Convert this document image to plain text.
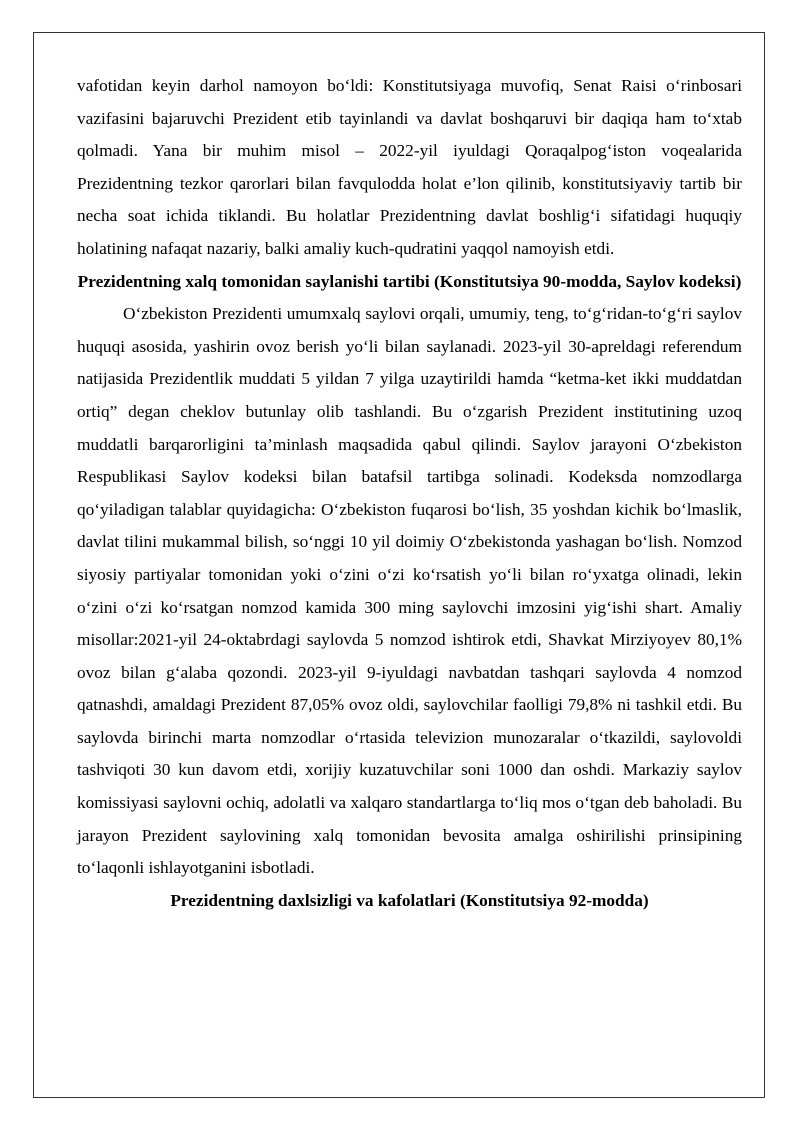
vafotidan keyin darhol namoyon bo‘ldi: Konstitutsiyaga muvofiq, Senat Raisi o‘rinbosari vazifasini bajaruvchi Prezident etib tayinlandi va davlat boshqaruvi bir daqiqa ham to‘xtab qolmadi. Yana bir muhim misol – 2022-yil iyuldagi Qoraqalpog‘iston voqealarida Prezidentning tezkor qarorlari bilan favqulodda holat e’lon qilinib, konstitutsiyaviy tartib bir necha soat ichida tiklandi. Bu holatlar Prezidentning davlat boshlig‘i sifatidagi huquqiy holatining nafaqat nazariy, balki amaliy kuch-qudratini yaqqol namoyish etdi.

Prezidentning xalq tomonidan saylanishi tartibi (Konstitutsiya 90-modda, Saylov kodeksi)

O‘zbekiston Prezidenti umumxalq saylovi orqali, umumiy, teng, to‘g‘ridan-to‘g‘ri saylov huquqi asosida, yashirin ovoz berish yo‘li bilan saylanadi. 2023-yil 30-apreldagi referendum natijasida Prezidentlik muddati 5 yildan 7 yilga uzaytirildi hamda “ketma-ket ikki muddatdan ortiq” degan cheklov butunlay olib tashlandi. Bu o‘zgarish Prezident institutining uzoq muddatli barqarorligini ta’minlash maqsadida qabul qilindi. Saylov jarayoni O‘zbekiston Respublikasi Saylov kodeksi bilan batafsil tartibga solinadi. Kodeksda nomzodlarga qo‘yiladigan talablar quyidagicha: O‘zbekiston fuqarosi bo‘lish, 35 yoshdan kichik bo‘lmaslik, davlat tilini mukammal bilish, so‘nggi 10 yil doimiy O‘zbekistonda yashagan bo‘lish. Nomzod siyosiy partiyalar tomonidan yoki o‘zini o‘zi ko‘rsatish yo‘li bilan ro‘yxatga olinadi, lekin o‘zini o‘zi ko‘rsatgan nomzod kamida 300 ming saylovchi imzosini yig‘ishi shart. Amaliy misollar:2021-yil 24-oktabrdagi saylovda 5 nomzod ishtirok etdi, Shavkat Mirziyoyev 80,1% ovoz bilan g‘alaba qozondi. 2023-yil 9-iyuldagi navbatdan tashqari saylovda 4 nomzod qatnashdi, amaldagi Prezident 87,05% ovoz oldi, saylovchilar faolligi 79,8% ni tashkil etdi. Bu saylovda birinchi marta nomzodlar o‘rtasida televizion munozaralar o‘tkazildi, saylovoldi tashviqoti 30 kun davom etdi, xorijiy kuzatuvchilar soni 1000 dan oshdi. Markaziy saylov komissiyasi saylovni ochiq, adolatli va xalqaro standartlarga to‘liq mos o‘tgan deb baholadi. Bu jarayon Prezident saylovining xalq tomonidan bevosita amalga oshirilishi prinsipining to‘laqonli ishlayotganini isbotladi.

Prezidentning daxlsizligi va kafolatlari (Konstitutsiya 92-modda)
